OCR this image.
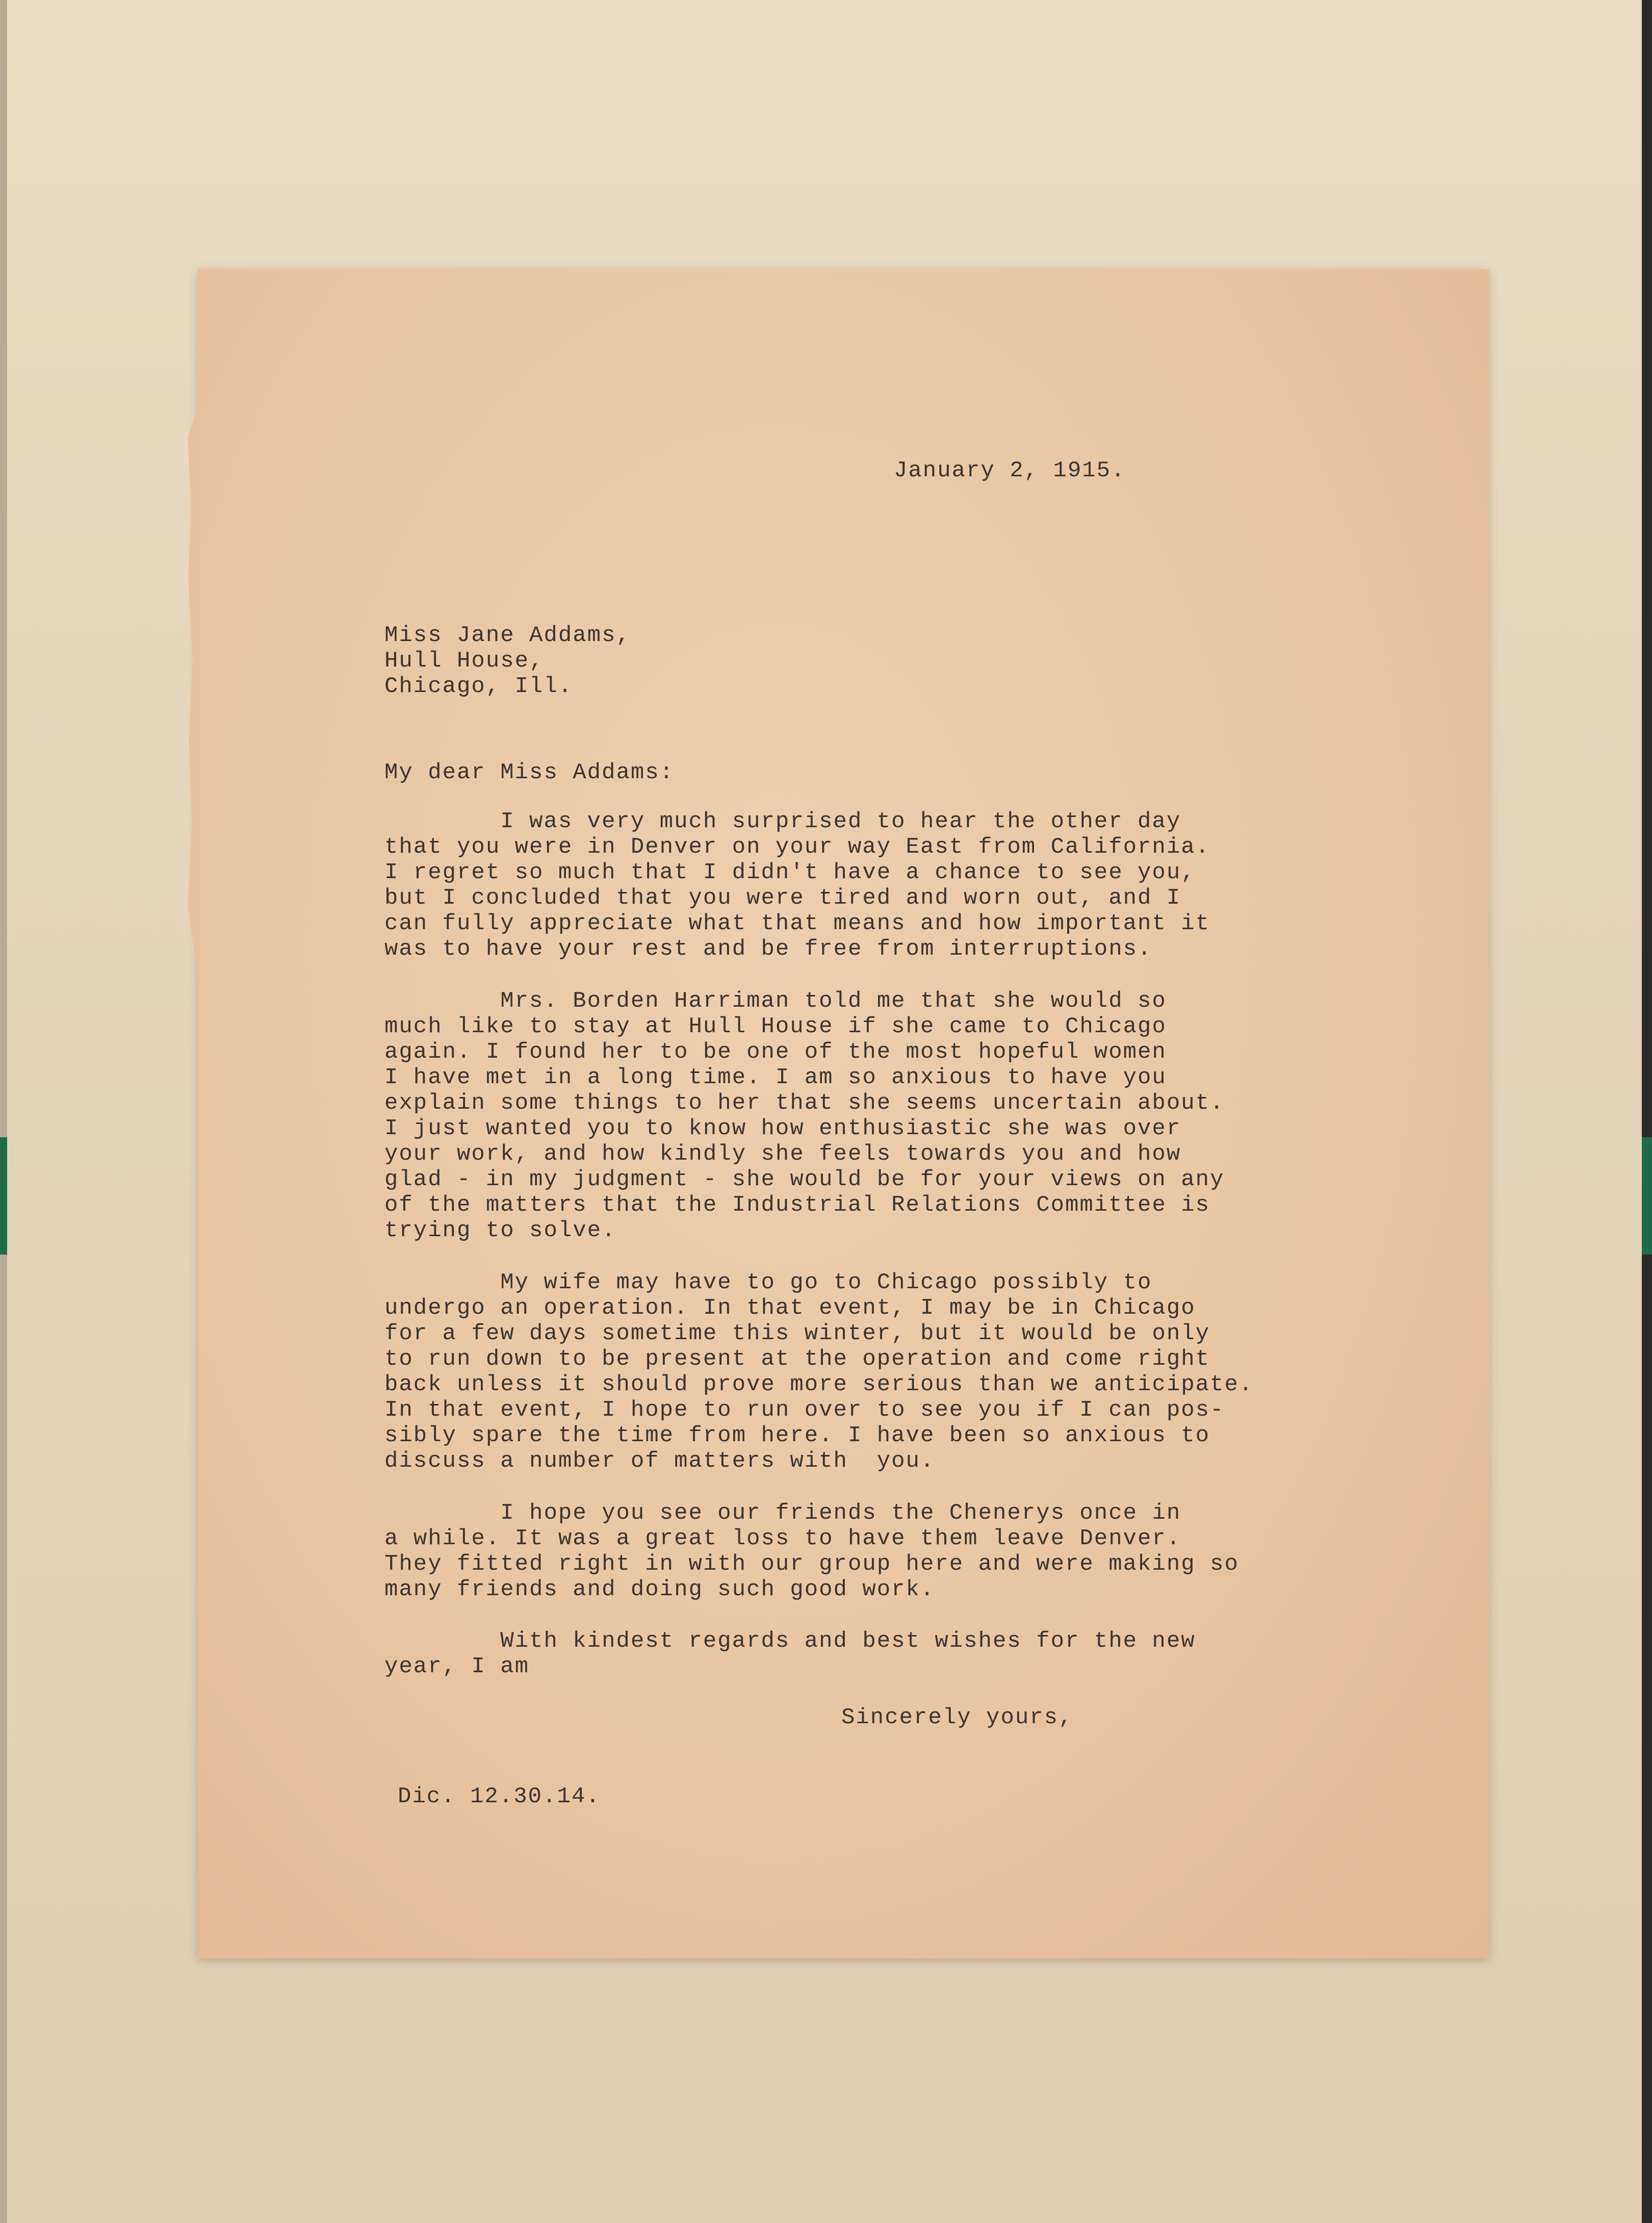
January 2, 1915.
Miss Jane Addams,
Hull House,
Chicago, Ill.
My dear Miss Addams:
I was very much surprised to hear the other day
that you were in Denver on your way East from California.
I regret so much that I didn't have a chance to see you,
but I concluded that you were tired and worn out, and I
can fully appreciate what that means and how important it
was to have your rest and be free from interruptions.
Mrs. Borden Harriman told me that she would so
much like to stay at Hull House if she came to Chicago
again. I found her to be one of the most hopeful women
I have met in a long time. I am so anxious to have you
explain some things to her that she seems uncertain about.
I just wanted you to know how enthusiastic she was over
your work, and how kindly she feels towards you and how
glad - in my judgment - she would be for your views on any
of the matters that the Industrial Relations Committee is
trying to solve.
My wife may have to go to Chicago possibly to
undergo an operation. In that event, I may be in Chicago
for a few days sometime this winter, but it would be only
to run down to be present at the operation and come right
back unless it should prove more serious than we anticipate.
In that event, I hope to run over to see you if I can pos-
sibly spare the time from here. I have been so anxious to
discuss a number of matters with  you.
I hope you see our friends the Chenerys once in
a while. It was a great loss to have them leave Denver.
They fitted right in with our group here and were making so
many friends and doing such good work.
With kindest regards and best wishes for the new
year, I am
Sincerely yours,
Dic. 12.30.14.
